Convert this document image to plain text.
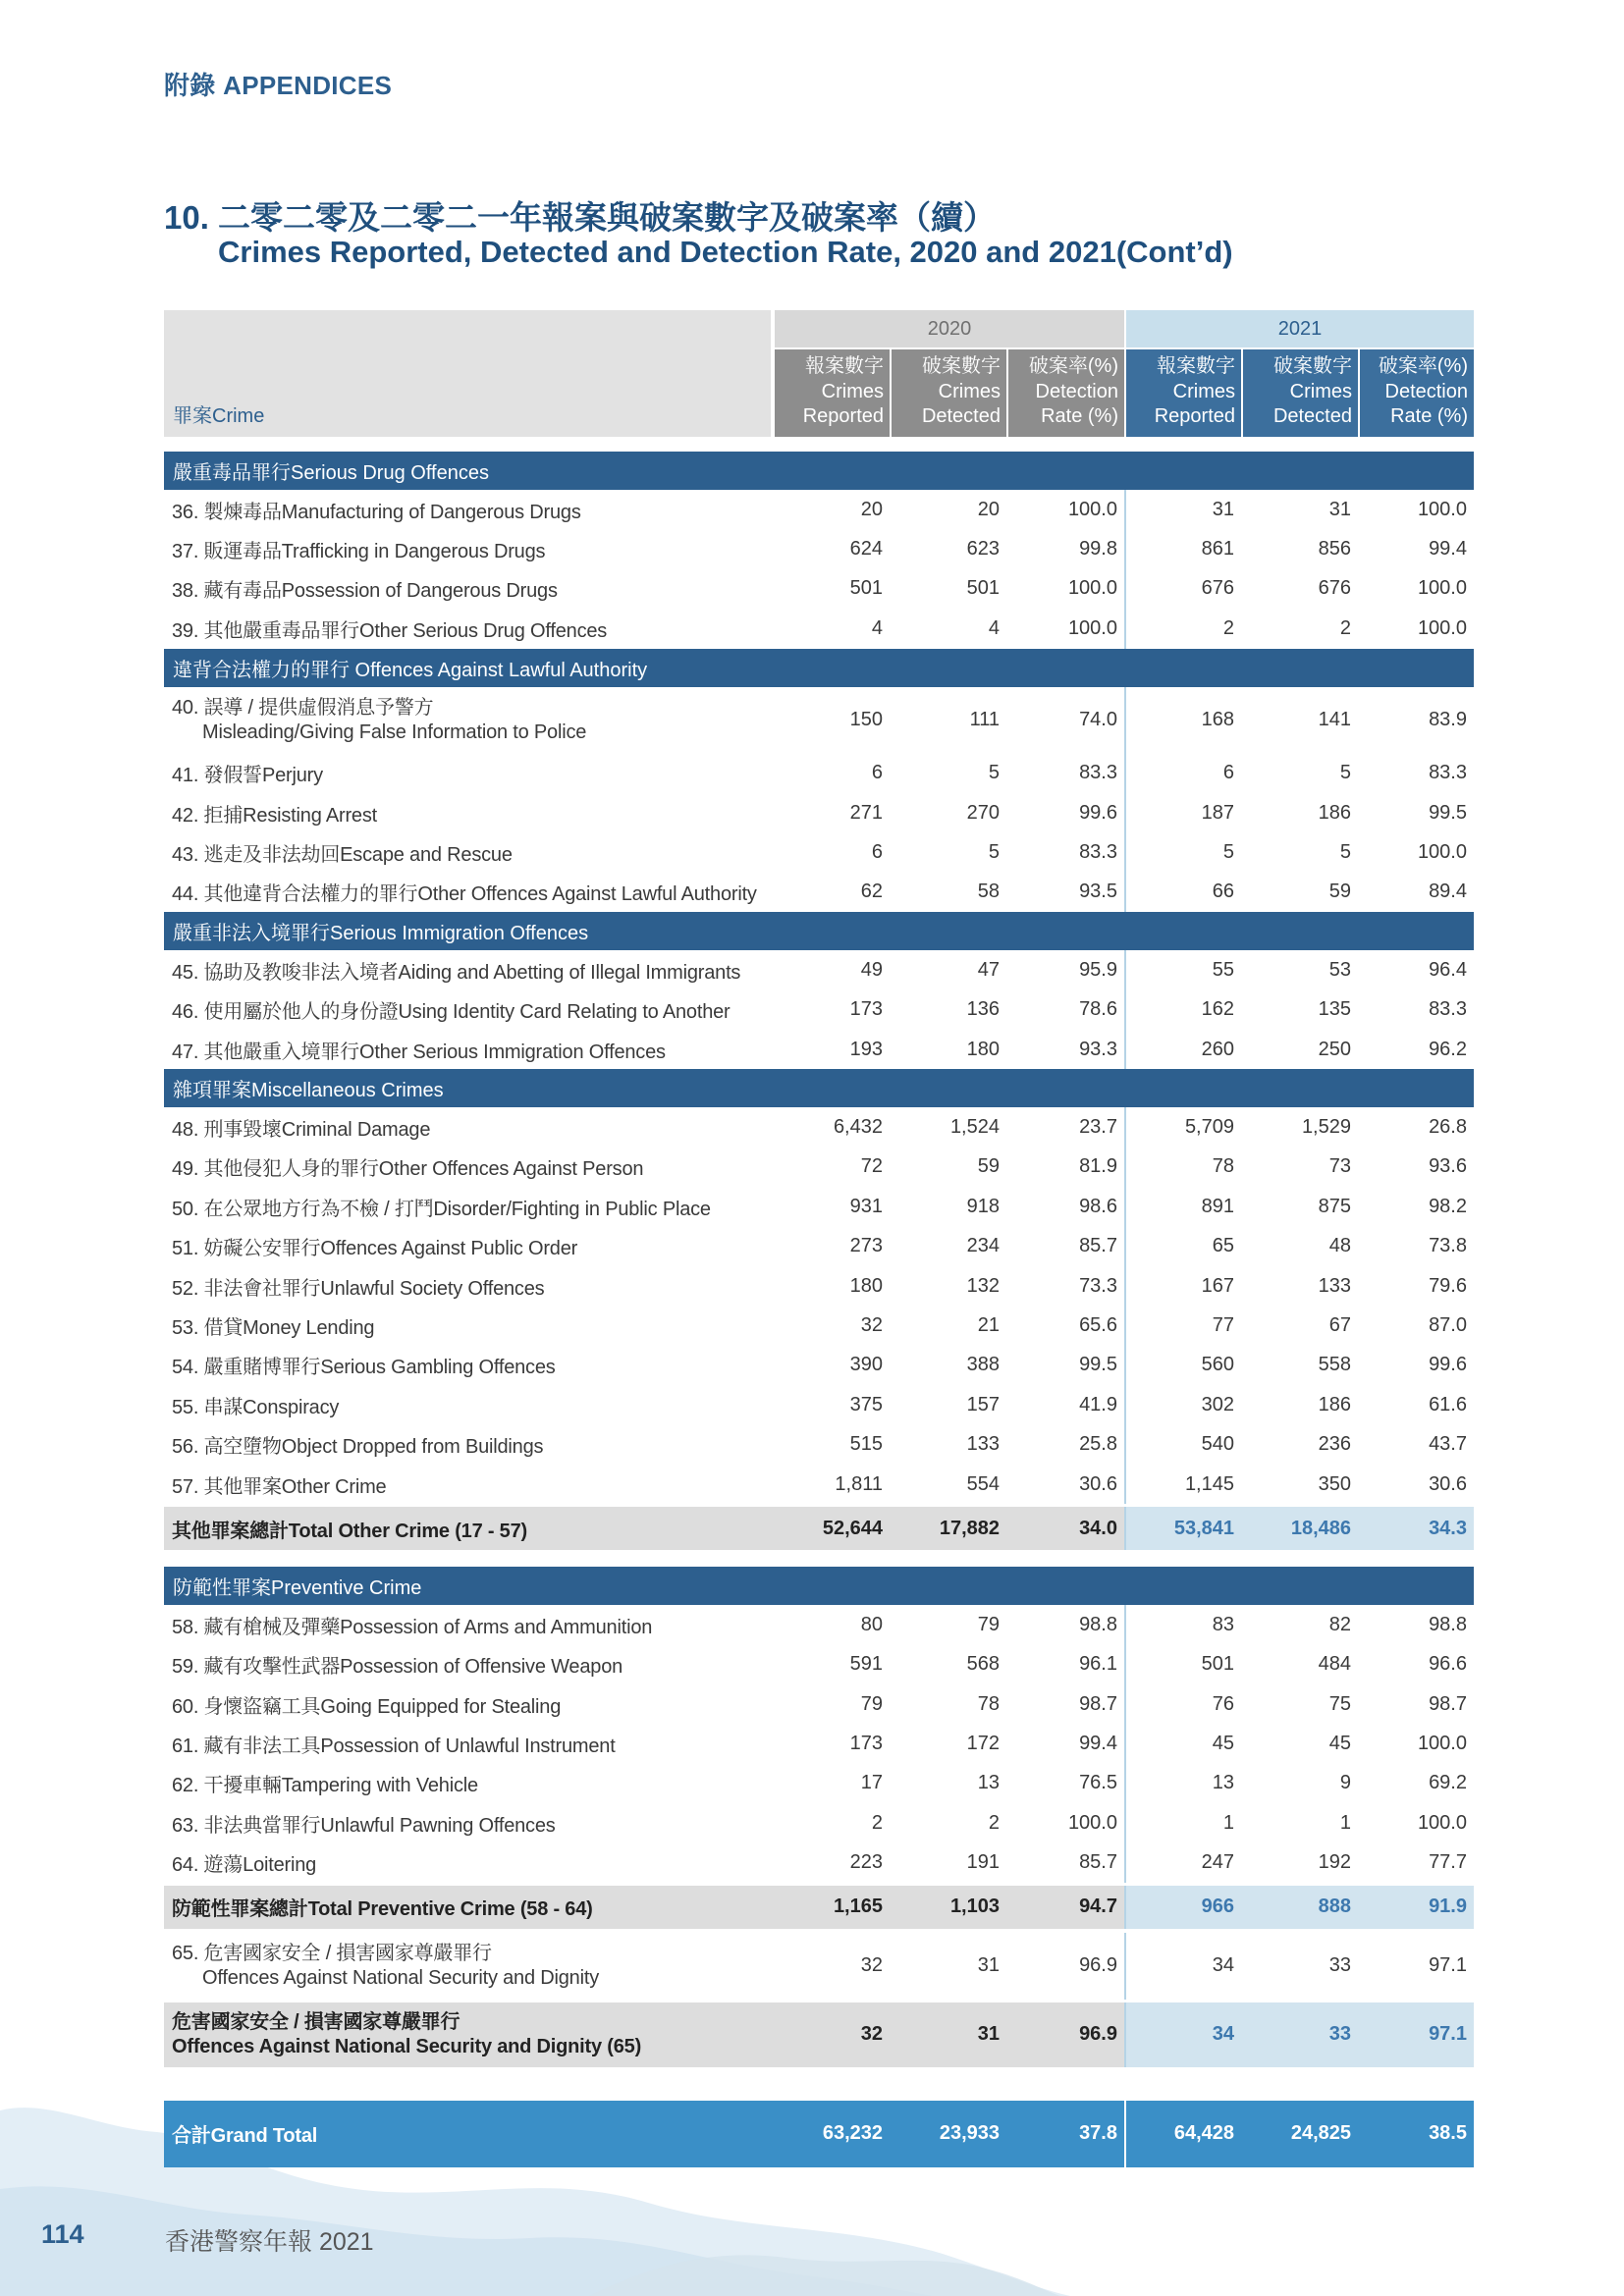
附錄 APPENDICES
10. 二零二零及二零二一年報案與破案數字及破案率（續）
Crimes Reported, Detected and Detection Rate, 2020 and 2021(Cont’d)
罪案Crime
2020	2021
報案數字
Crimes
Reported
破案數字
Crimes
Detected
破案率(%)
Detection
Rate (%)
報案數字
Crimes
Reported
破案數字
Crimes
Detected
破案率(%)
Detection
Rate (%)
嚴重毒品罪行Serious Drug Offences
36. 製煉毒品Manufacturing of Dangerous Drugs	20	20	100.0	31	31	100.0
37. 販運毒品Trafficking in Dangerous Drugs	624	623	99.8	861	856	99.4
38. 藏有毒品Possession of Dangerous Drugs	501	501	100.0	676	676	100.0
39. 其他嚴重毒品罪行Other Serious Drug Offences	4	4	100.0	2	2	100.0
違背合法權力的罪行 Offences Against Lawful Authority
40. 誤導 / 提供虛假消息予警方
Misleading/Giving False Information to Police
150	111	74.0	168	141	83.9
41. 發假誓Perjury	6	5	83.3	6	5	83.3
42. 拒捕Resisting Arrest	271	270	99.6	187	186	99.5
43. 逃走及非法劫回Escape and Rescue	6	5	83.3	5	5	100.0
44. 其他違背合法權力的罪行Other Offences Against Lawful Authority	62	58	93.5	66	59	89.4
嚴重非法入境罪行Serious Immigration Offences
45. 協助及教唆非法入境者Aiding and Abetting of Illegal Immigrants	49	47	95.9	55	53	96.4
46. 使用屬於他人的身份證Using Identity Card Relating to Another	173	136	78.6	162	135	83.3
47. 其他嚴重入境罪行Other Serious Immigration Offences	193	180	93.3	260	250	96.2
雜項罪案Miscellaneous Crimes
48. 刑事毀壞Criminal Damage	6,432	1,524	23.7	5,709	1,529	26.8
49. 其他侵犯人身的罪行Other Offences Against Person	72	59	81.9	78	73	93.6
50. 在公眾地方行為不檢 / 打鬥Disorder/Fighting in Public Place	931	918	98.6	891	875	98.2
51. 妨礙公安罪行Offences Against Public Order	273	234	85.7	65	48	73.8
52. 非法會社罪行Unlawful Society Offences	180	132	73.3	167	133	79.6
53. 借貸Money Lending	32	21	65.6	77	67	87.0
54. 嚴重賭博罪行Serious Gambling Offences	390	388	99.5	560	558	99.6
55. 串謀Conspiracy	375	157	41.9	302	186	61.6
56. 高空墮物Object Dropped from Buildings	515	133	25.8	540	236	43.7
57. 其他罪案Other Crime	1,811	554	30.6	1,145	350	30.6
其他罪案總計Total Other Crime (17 - 57)	52,644	17,882	34.0	53,841	18,486	34.3
防範性罪案Preventive Crime
58. 藏有槍械及彈藥Possession of Arms and Ammunition	80	79	98.8	83	82	98.8
59. 藏有攻擊性武器Possession of Offensive Weapon	591	568	96.1	501	484	96.6
60. 身懷盜竊工具Going Equipped for Stealing	79	78	98.7	76	75	98.7
61. 藏有非法工具Possession of Unlawful Instrument	173	172	99.4	45	45	100.0
62. 干擾車輛Tampering with Vehicle	17	13	76.5	13	9	69.2
63. 非法典當罪行Unlawful Pawning Offences	2	2	100.0	1	1	100.0
64. 遊蕩Loitering	223	191	85.7	247	192	77.7
防範性罪案總計Total Preventive Crime (58 - 64)	1,165	1,103	94.7	966	888	91.9
65. 危害國家安全 / 損害國家尊嚴罪行
Offences Against National Security and Dignity
32	31	96.9	34	33	97.1
危害國家安全 / 損害國家尊嚴罪行
Offences Against National Security and Dignity (65)
32	31	96.9	34	33	97.1
合計Grand Total	63,232	23,933	37.8	64,428	24,825	38.5
114	香港警察年報 2021
